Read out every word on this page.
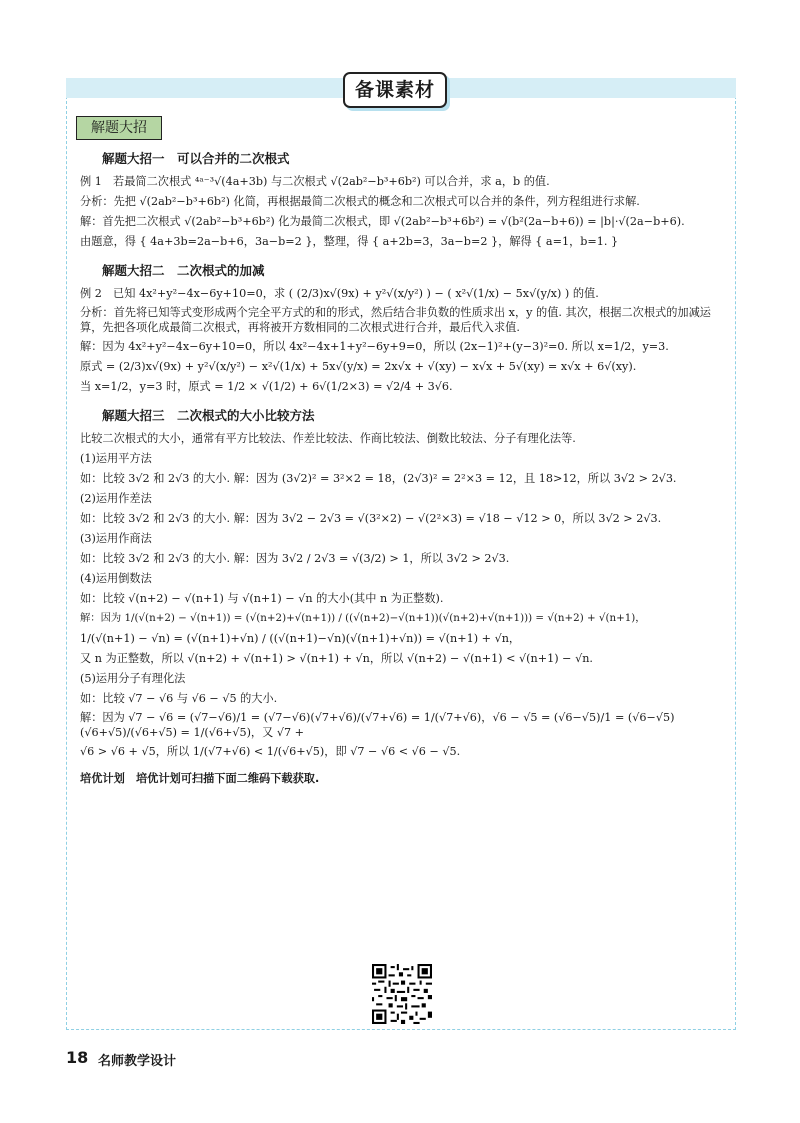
备课素材
解题大招
解题大招一　可以合并的二次根式
例 1　若最简二次根式 ⁴ᵃ⁻³√(4a+3b) 与二次根式 √(2ab²−b³+6b²) 可以合并，求 a，b 的值.
分析：先把 √(2ab²−b³+6b²) 化简，再根据最简二次根式的概念和二次根式可以合并的条件，列方程组进行求解.
解：首先把二次根式 √(2ab²−b³+6b²) 化为最简二次根式，即 √(2ab²−b³+6b²) = √(b²(2a−b+6)) = |b|·√(2a−b+6).
由题意，得 { 4a+3b=2a−b+6，3a−b=2 }，整理，得 { a+2b=3，3a−b=2 }，解得 { a=1，b=1. }
解题大招二　二次根式的加减
例 2　已知 4x²+y²−4x−6y+10=0，求 ( (2/3)x√(9x) + y²√(x/y²) ) − ( x²√(1/x) − 5x√(y/x) ) 的值.
分析：首先将已知等式变形成两个完全平方式的和的形式，然后结合非负数的性质求出 x，y 的值. 其次，根据二次根式的加减运算，先把各项化成最简二次根式，再将被开方数相同的二次根式进行合并，最后代入求值.
解：因为 4x²+y²−4x−6y+10=0，所以 4x²−4x+1+y²−6y+9=0，所以 (2x−1)²+(y−3)²=0. 所以 x=1/2，y=3.
原式 = (2/3)x√(9x) + y²√(x/y²) − x²√(1/x) + 5x√(y/x) = 2x√x + √(xy) − x√x + 5√(xy) = x√x + 6√(xy).
当 x=1/2，y=3 时，原式 = 1/2 × √(1/2) + 6√(1/2×3) = √2/4 + 3√6.
解题大招三　二次根式的大小比较方法
比较二次根式的大小，通常有平方比较法、作差比较法、作商比较法、倒数比较法、分子有理化法等.
(1)运用平方法
如：比较 3√2 和 2√3 的大小. 解：因为 (3√2)² = 3²×2 = 18，(2√3)² = 2²×3 = 12，且 18>12，所以 3√2 > 2√3.
(2)运用作差法
如：比较 3√2 和 2√3 的大小. 解：因为 3√2 − 2√3 = √(3²×2) − √(2²×3) = √18 − √12 > 0，所以 3√2 > 2√3.
(3)运用作商法
如：比较 3√2 和 2√3 的大小. 解：因为 3√2 / 2√3 = √(3/2) > 1，所以 3√2 > 2√3.
(4)运用倒数法
如：比较 √(n+2) − √(n+1) 与 √(n+1) − √n 的大小(其中 n 为正整数).
解：因为 1/(√(n+2) − √(n+1)) = (√(n+2)+√(n+1)) / ((√(n+2)−√(n+1))(√(n+2)+√(n+1))) = √(n+2) + √(n+1)，
1/(√(n+1) − √n) = (√(n+1)+√n) / ((√(n+1)−√n)(√(n+1)+√n)) = √(n+1) + √n，
又 n 为正整数，所以 √(n+2) + √(n+1) > √(n+1) + √n，所以 √(n+2) − √(n+1) < √(n+1) − √n.
(5)运用分子有理化法
如：比较 √7 − √6 与 √6 − √5 的大小.
解：因为 √7 − √6 = (√7−√6)/1 = (√7−√6)(√7+√6)/(√7+√6) = 1/(√7+√6)，√6 − √5 = (√6−√5)/1 = (√6−√5)(√6+√5)/(√6+√5) = 1/(√6+√5)，又 √7 +
√6 > √6 + √5，所以 1/(√7+√6) < 1/(√6+√5)，即 √7 − √6 < √6 − √5.
培优计划　培优计划可扫描下面二维码下载获取.
18 名师教学设计
